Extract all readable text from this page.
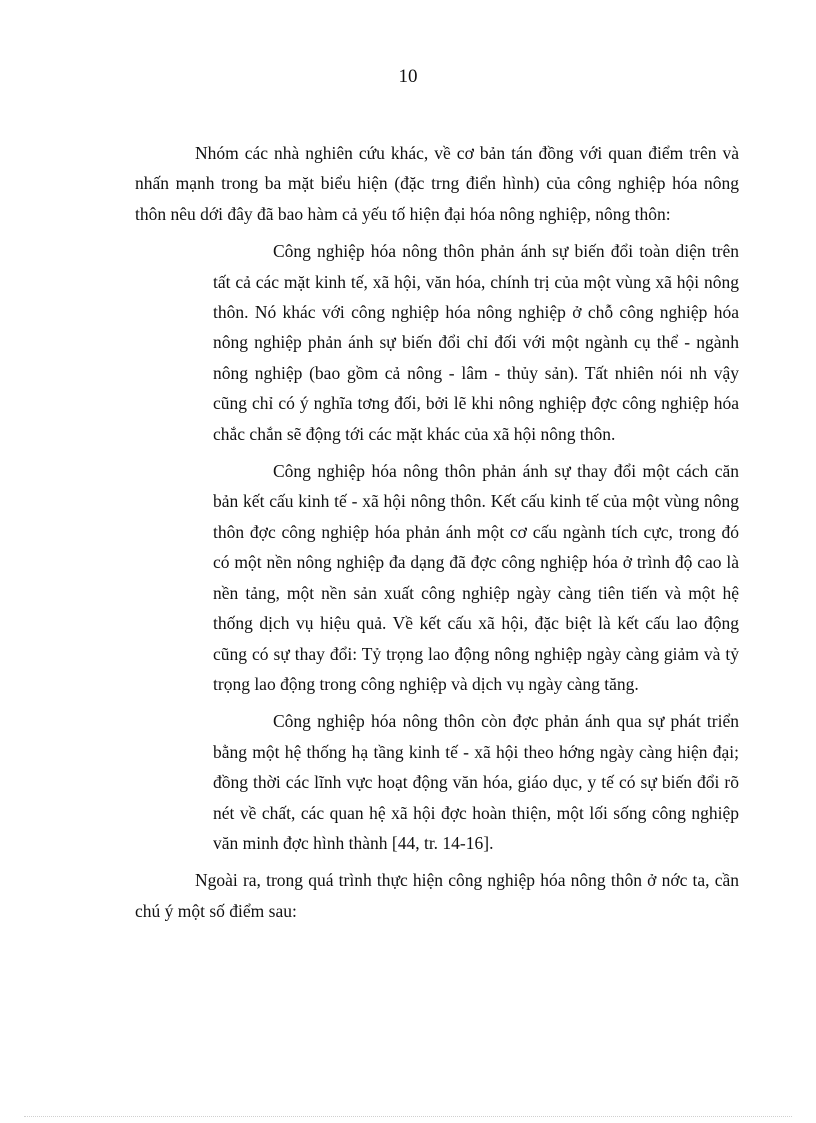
10

Nhóm các nhà nghiên cứu khác, về cơ bản tán đồng với quan điểm trên và nhấn mạnh trong ba mặt biểu hiện (đặc trng điển hình) của công nghiệp hóa nông thôn nêu dới đây đã bao hàm cả yếu tố hiện đại hóa nông nghiệp, nông thôn:

Công nghiệp hóa nông thôn phản ánh sự biến đổi toàn diện trên tất cả các mặt kinh tế, xã hội, văn hóa, chính trị của một vùng xã hội nông thôn. Nó khác với công nghiệp hóa nông nghiệp ở chỗ công nghiệp hóa nông nghiệp phản ánh sự biến đổi chỉ đối với một ngành cụ thể - ngành nông nghiệp (bao gồm cả nông - lâm - thủy sản). Tất nhiên nói nh vậy cũng chỉ có ý nghĩa tơng đối, bởi lẽ khi nông nghiệp đợc công nghiệp hóa chắc chắn sẽ động tới các mặt khác của xã hội nông thôn.

Công nghiệp hóa nông thôn phản ánh sự thay đổi một cách căn bản kết cấu kinh tế - xã hội nông thôn. Kết cấu kinh tế của một vùng nông thôn đợc công nghiệp hóa phản ánh một cơ cấu ngành tích cực, trong đó có một nền nông nghiệp đa dạng đã đợc công nghiệp hóa ở trình độ cao là nền tảng, một nền sản xuất công nghiệp ngày càng tiên tiến và một hệ thống dịch vụ hiệu quả. Về kết cấu xã hội, đặc biệt là kết cấu lao động cũng có sự thay đổi: Tỷ trọng lao động nông nghiệp ngày càng giảm và tỷ trọng lao động trong công nghiệp và dịch vụ ngày càng tăng.

Công nghiệp hóa nông thôn còn đợc phản ánh qua sự phát triển bằng một hệ thống hạ tầng kinh tế - xã hội theo hớng ngày càng hiện đại; đồng thời các lĩnh vực hoạt động văn hóa, giáo dục, y tế có sự biến đổi rõ nét về chất, các quan hệ xã hội đợc hoàn thiện, một lối sống công nghiệp văn minh đợc hình thành [44, tr. 14-16].

Ngoài ra, trong quá trình thực hiện công nghiệp hóa nông thôn ở nớc ta, cần chú ý một số điểm sau:
